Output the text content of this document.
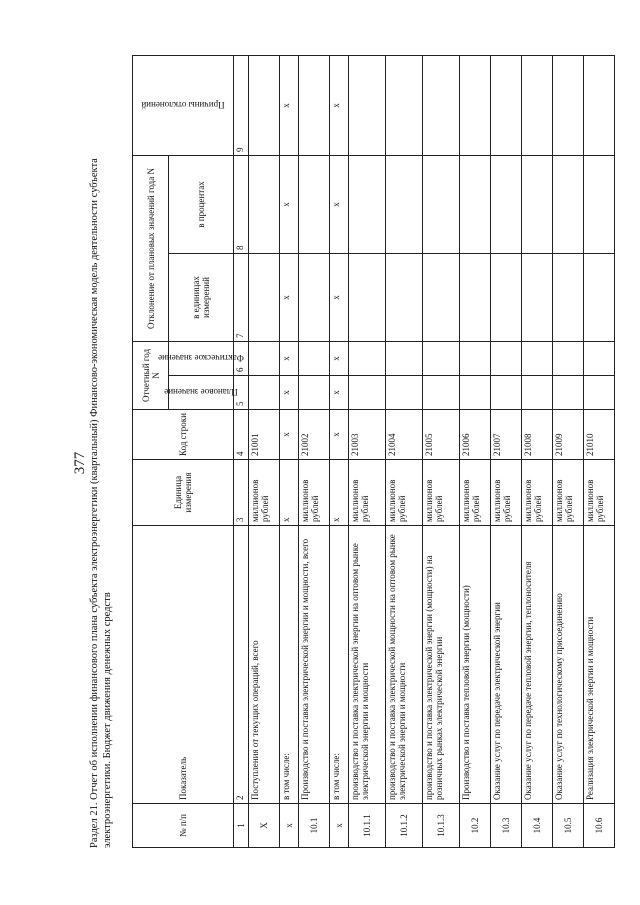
377 Раздел 21. Отчет об исполнении финансового плана субъекта электроэнергетики (квартальный) Финансово-экономическая модель деятельности субъекта электроэнергетики. Бюджет движения денежных средств	№ п/п	Показатель	Единица измерения	Код строки	Отчетный год N		Отклонение от плановых значений года N		Причины отклонений

				Плановое значение	Фактическое значение	в единицах измерений	в процентах	
1	2	3	4	5	6	7	8	9
X	Поступления от текущих операций, всего	миллионов рублей	21001					
x	в том числе:	x	x	x	x	x	x	x
10.1	Производство и поставка электрической энергии и мощности, всего	миллионов рублей	21002					
x	в том числе:	x	x	x	x	x	x	x
10.1.1	производство и поставка электрической энергии на оптовом рынке электрической энергии и мощности	миллионов рублей	21003					
10.1.2	производство и поставка электрической мощности на оптовом рынке электрической энергии и мощности	миллионов рублей	21004					
10.1.3	производство и поставка электрической энергии (мощности) на розничных рынках электрической энергии	миллионов рублей	21005					
10.2	Производство и поставка тепловой энергии (мощности)	миллионов рублей	21006					
10.3	Оказание услуг по передаче электрической энергии	миллионов рублей	21007					
10.4	Оказание услуг по передаче тепловой энергии, теплоносителя	миллионов рублей	21008					
10.5	Оказание услуг по технологическому присоединению	миллионов рублей	21009					
10.6	Реализация электрической энергии и мощности	миллионов рублей	21010					
